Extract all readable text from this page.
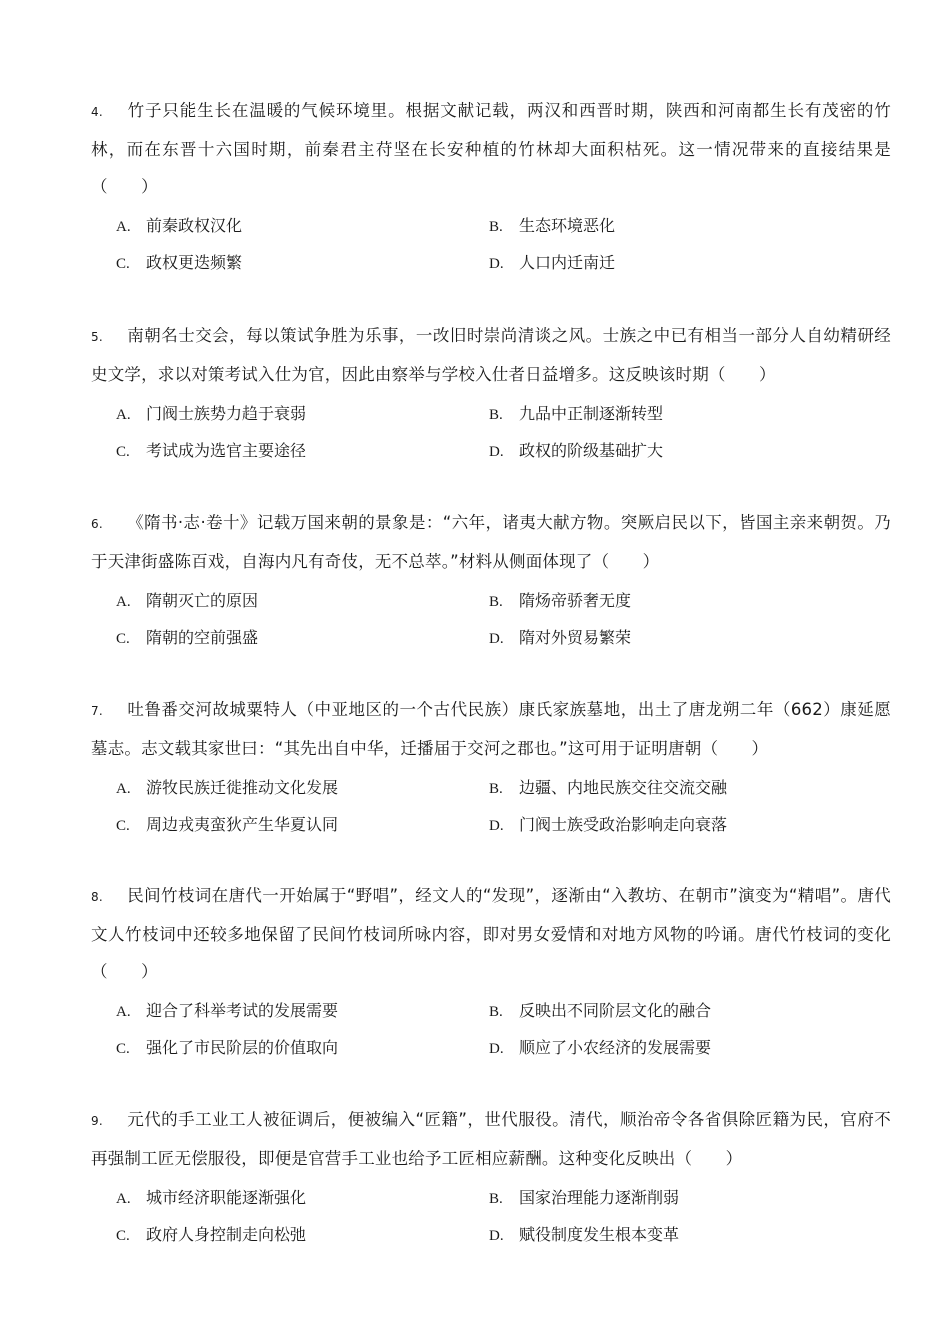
4. 竹子只能生长在温暖的气候环境里。根据文献记载，两汉和西晋时期，陕西和河南都生长有茂密的竹林，而在东晋十六国时期，前秦君主苻坚在长安种植的竹林却大面积枯死。这一情况带来的直接结果是（　　）

A. 前秦政权汉化	B. 生态环境恶化
C. 政权更迭频繁	D. 人口内迁南迁

5. 南朝名士交会，每以策试争胜为乐事，一改旧时崇尚清谈之风。士族之中已有相当一部分人自幼精研经史文学，求以对策考试入仕为官，因此由察举与学校入仕者日益增多。这反映该时期（　　）

A. 门阀士族势力趋于衰弱	B. 九品中正制逐渐转型
C. 考试成为选官主要途径	D. 政权的阶级基础扩大

6. 《隋书·志·卷十》记载万国来朝的景象是：“六年，诸夷大献方物。突厥启民以下，皆国主亲来朝贺。乃于天津街盛陈百戏，自海内凡有奇伎，无不总萃。”材料从侧面体现了（　　）

A. 隋朝灭亡的原因	B. 隋炀帝骄奢无度
C. 隋朝的空前强盛	D. 隋对外贸易繁荣

7. 吐鲁番交河故城粟特人（中亚地区的一个古代民族）康氏家族墓地，出土了唐龙朔二年（662）康延愿墓志。志文载其家世曰：“其先出自中华，迁播届于交河之郡也。”这可用于证明唐朝（　　）

A. 游牧民族迁徙推动文化发展	B. 边疆、内地民族交往交流交融
C. 周边戎夷蛮狄产生华夏认同	D. 门阀士族受政治影响走向衰落

8. 民间竹枝词在唐代一开始属于“野唱”，经文人的“发现”，逐渐由“入教坊、在朝市”演变为“精唱”。唐代文人竹枝词中还较多地保留了民间竹枝词所咏内容，即对男女爱情和对地方风物的吟诵。唐代竹枝词的变化（　　）

A. 迎合了科举考试的发展需要	B. 反映出不同阶层文化的融合
C. 强化了市民阶层的价值取向	D. 顺应了小农经济的发展需要

9. 元代的手工业工人被征调后，便被编入“匠籍”，世代服役。清代，顺治帝令各省俱除匠籍为民，官府不再强制工匠无偿服役，即便是官营手工业也给予工匠相应薪酬。这种变化反映出（　　）

A. 城市经济职能逐渐强化	B. 国家治理能力逐渐削弱
C. 政府人身控制走向松弛	D. 赋役制度发生根本变革
